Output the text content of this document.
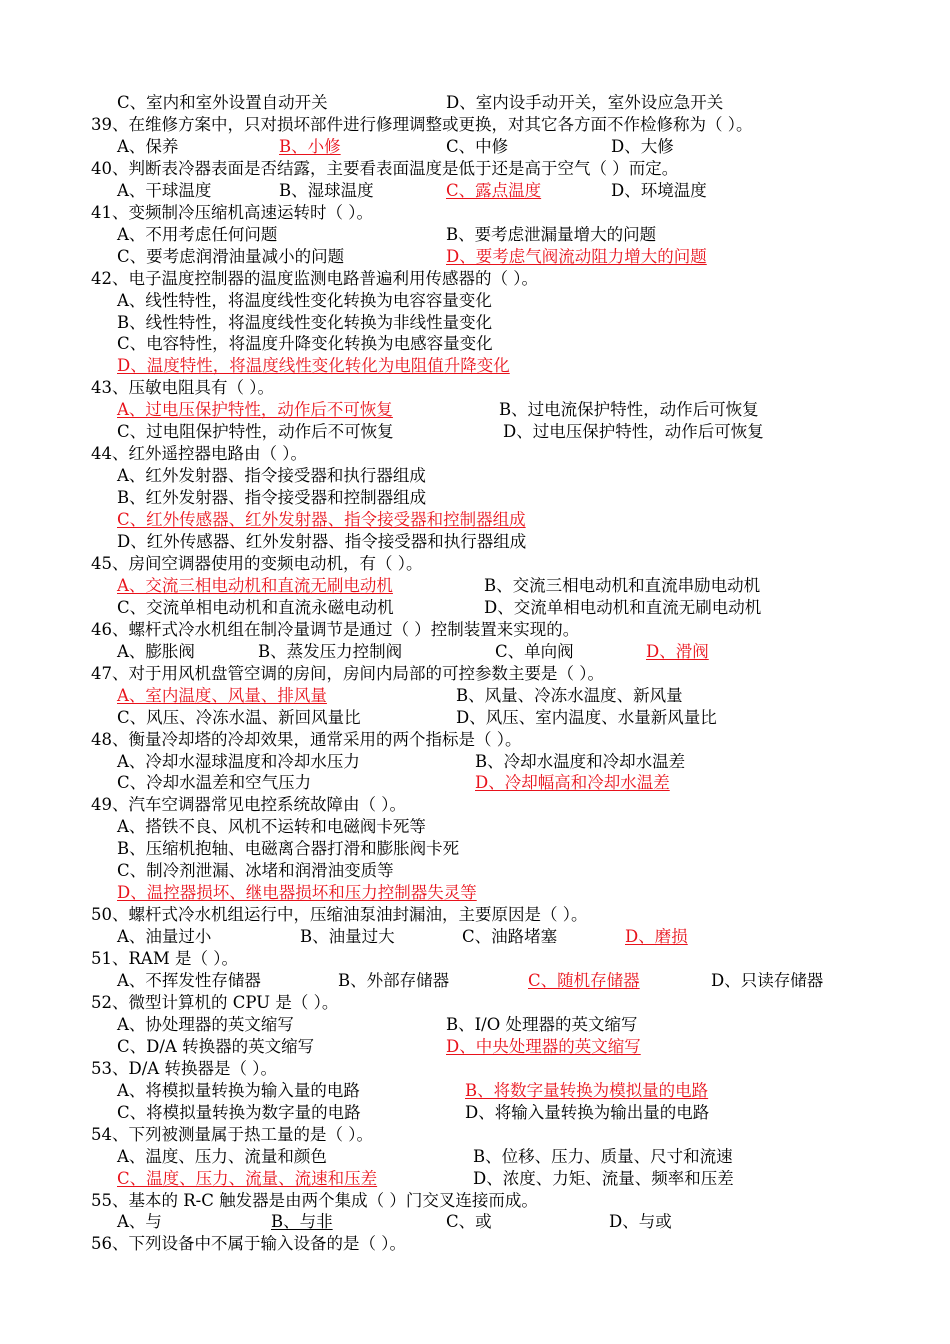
C、室内和室外设置自动开关	D、室内设手动开关，室外设应急开关
39、在维修方案中，只对损坏部件进行修理调整或更换，对其它各方面不作检修称为（ ）。
A、保养	B、小修	C、中修	D、大修
40、判断表冷器表面是否结露，主要看表面温度是低于还是高于空气（ ）而定。
A、干球温度	B、湿球温度	C、露点温度	D、环境温度
41、变频制冷压缩机高速运转时（ ）。
A、不用考虑任何问题	B、要考虑泄漏量增大的问题
C、要考虑润滑油量减小的问题	D、要考虑气阀流动阻力增大的问题
42、电子温度控制器的温度监测电路普遍利用传感器的（ ）。
A、线性特性，将温度线性变化转换为电容容量变化
B、线性特性，将温度线性变化转换为非线性量变化
C、电容特性，将温度升降变化转换为电感容量变化
D、温度特性，将温度线性变化转化为电阻值升降变化
43、压敏电阻具有（ ）。
A、过电压保护特性，动作后不可恢复	B、过电流保护特性，动作后可恢复
C、过电阻保护特性，动作后不可恢复	D、过电压保护特性，动作后可恢复
44、红外遥控器电路由（ ）。
A、红外发射器、指令接受器和执行器组成
B、红外发射器、指令接受器和控制器组成
C、红外传感器、红外发射器、指令接受器和控制器组成
D、红外传感器、红外发射器、指令接受器和执行器组成
45、房间空调器使用的变频电动机，有（ ）。
A、交流三相电动机和直流无刷电动机	B、交流三相电动机和直流串励电动机
C、交流单相电动机和直流永磁电动机	D、交流单相电动机和直流无刷电动机
46、螺杆式冷水机组在制冷量调节是通过（ ）控制装置来实现的。
A、膨胀阀	B、蒸发压力控制阀	C、单向阀	D、滑阀
47、对于用风机盘管空调的房间，房间内局部的可控参数主要是（ ）。
A、室内温度、风量、排风量	B、风量、冷冻水温度、新风量
C、风压、冷冻水温、新回风量比	D、风压、室内温度、水量新风量比
48、衡量冷却塔的冷却效果，通常采用的两个指标是（ ）。
A、冷却水湿球温度和冷却水压力	B、冷却水温度和冷却水温差
C、冷却水温差和空气压力	D、冷却幅高和冷却水温差
49、汽车空调器常见电控系统故障由（ ）。
A、搭铁不良、风机不运转和电磁阀卡死等
B、压缩机抱轴、电磁离合器打滑和膨胀阀卡死
C、制冷剂泄漏、冰堵和润滑油变质等
D、温控器损坏、继电器损坏和压力控制器失灵等
50、螺杆式冷水机组运行中，压缩油泵油封漏油，主要原因是（ ）。
A、油量过小	B、油量过大	C、油路堵塞	D、磨损
51、RAM 是（ ）。
A、不挥发性存储器	B、外部存储器	C、随机存储器	D、只读存储器
52、微型计算机的 CPU 是（ ）。
A、协处理器的英文缩写	B、I/O 处理器的英文缩写
C、D/A 转换器的英文缩写	D、中央处理器的英文缩写
53、D/A 转换器是（ ）。
A、将模拟量转换为输入量的电路	B、将数字量转换为模拟量的电路
C、将模拟量转换为数字量的电路	D、将输入量转换为输出量的电路
54、下列被测量属于热工量的是（ ）。
A、温度、压力、流量和颜色	B、位移、压力、质量、尺寸和流速
C、温度、压力、流量、流速和压差	D、浓度、力矩、流量、频率和压差
55、基本的 R-C 触发器是由两个集成（ ）门交叉连接而成。
A、与	B、与非	C、或	D、与或
56、下列设备中不属于输入设备的是（ ）。
